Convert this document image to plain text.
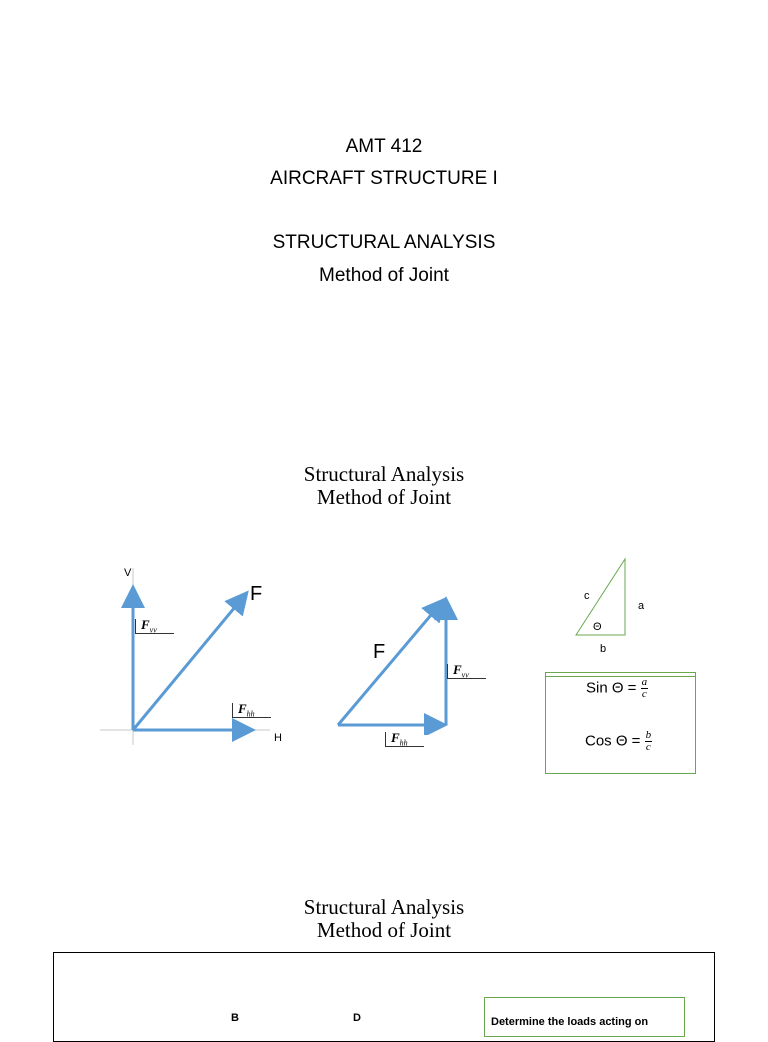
AMT 412
AIRCRAFT STRUCTURE I
STRUCTURAL ANALYSIS
Method of Joint
Structural Analysis
Method of Joint
V
H
F
$F_{vv}$
$F_{hh}$
F
$F_{vv}$
$F_{hh}$
c
a
b
Θ
Sin $\Theta = \frac{a}{c}$
Cos $\Theta = \frac{b}{c}$
Structural Analysis
Method of Joint
B	D	Determine the loads acting on
